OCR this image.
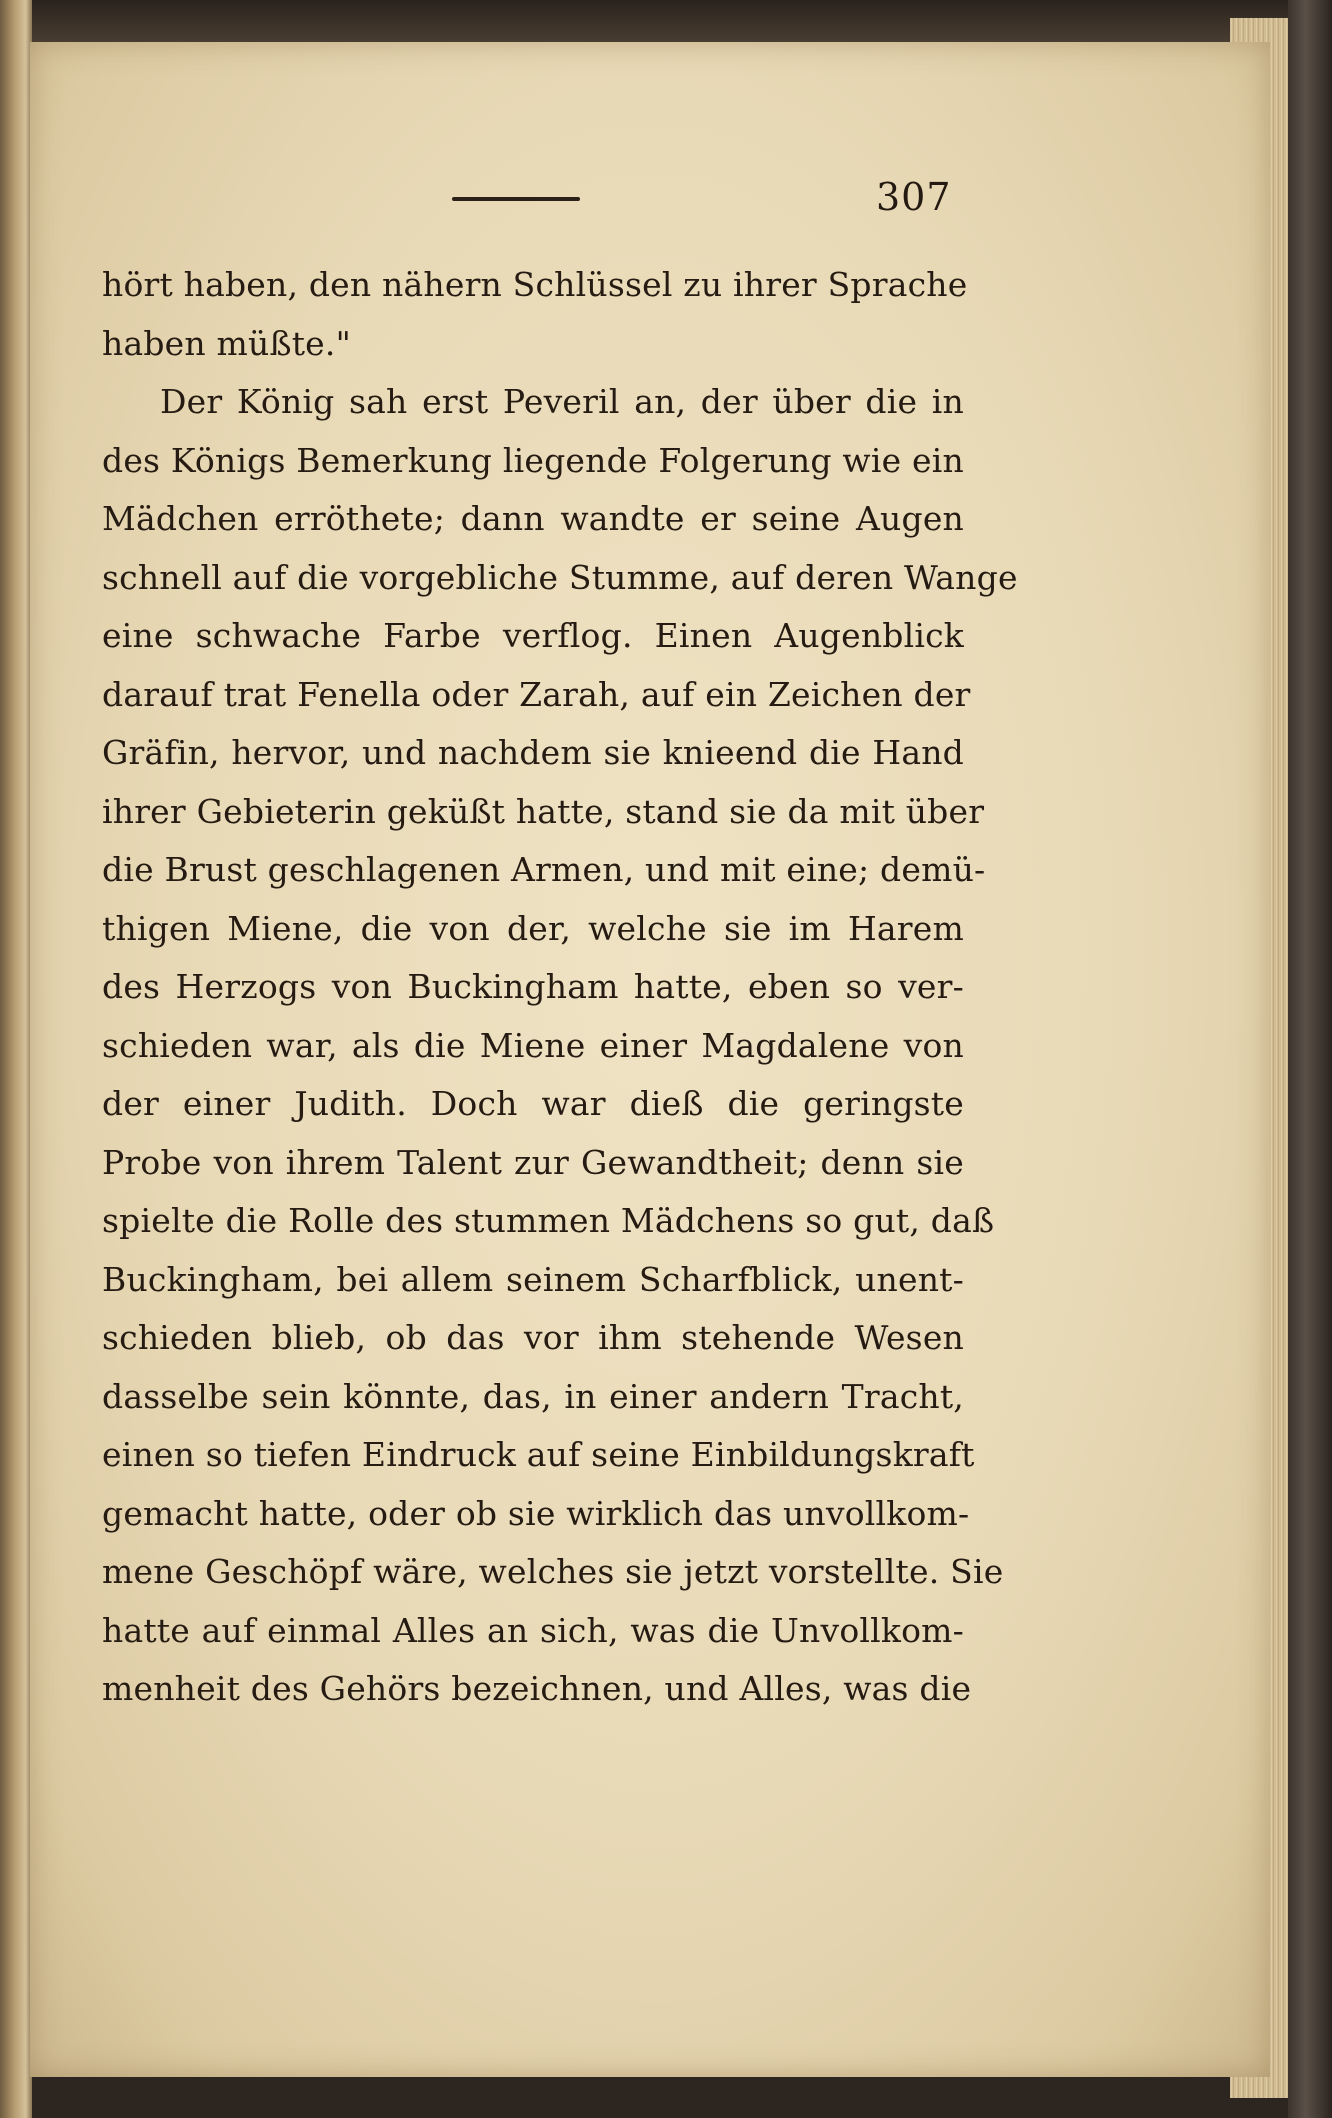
307
hört haben, den nähern Schlüssel zu ihrer Sprache
haben müßte."
Der König sah erst Peveril an, der über die in
des Königs Bemerkung liegende Folgerung wie ein
Mädchen erröthete; dann wandte er seine Augen
schnell auf die vorgebliche Stumme, auf deren Wange
eine schwache Farbe verflog. Einen Augenblick
darauf trat Fenella oder Zarah, auf ein Zeichen der
Gräfin, hervor, und nachdem sie knieend die Hand
ihrer Gebieterin geküßt hatte, stand sie da mit über
die Brust geschlagenen Armen, und mit eine; demü-
thigen Miene, die von der, welche sie im Harem
des Herzogs von Buckingham hatte, eben so ver-
schieden war, als die Miene einer Magdalene von
der einer Judith. Doch war dieß die geringste
Probe von ihrem Talent zur Gewandtheit; denn sie
spielte die Rolle des stummen Mädchens so gut, daß
Buckingham, bei allem seinem Scharfblick, unent-
schieden blieb, ob das vor ihm stehende Wesen
dasselbe sein könnte, das, in einer andern Tracht,
einen so tiefen Eindruck auf seine Einbildungskraft
gemacht hatte, oder ob sie wirklich das unvollkom-
mene Geschöpf wäre, welches sie jetzt vorstellte. Sie
hatte auf einmal Alles an sich, was die Unvollkom-
menheit des Gehörs bezeichnen, und Alles, was die
